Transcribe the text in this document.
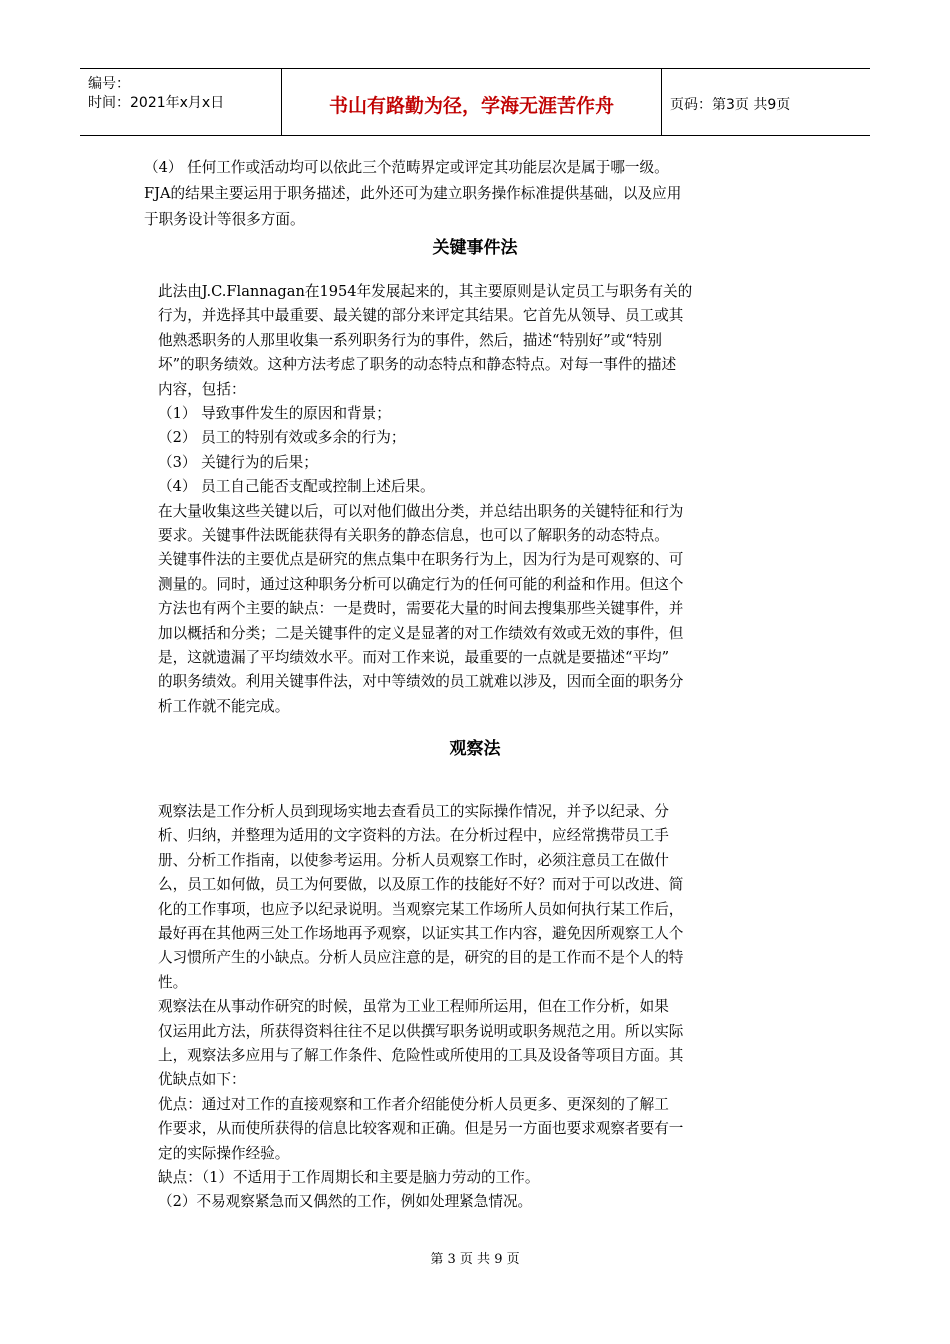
编号：
时间：2021年x月x日	书山有路勤为径，学海无涯苦作舟	页码：第3页 共9页
（4） 任何工作或活动均可以依此三个范畴界定或评定其功能层次是属于哪一级。
FJA的结果主要运用于职务描述，此外还可为建立职务操作标准提供基础，以及应用
于职务设计等很多方面。
关键事件法
此法由J.C.Flannagan在1954年发展起来的，其主要原则是认定员工与职务有关的
行为，并选择其中最重要、最关键的部分来评定其结果。它首先从领导、员工或其
他熟悉职务的人那里收集一系列职务行为的事件，然后，描述“特别好”或“特别
坏”的职务绩效。这种方法考虑了职务的动态特点和静态特点。对每一事件的描述
内容，包括：
（1） 导致事件发生的原因和背景；
（2） 员工的特别有效或多余的行为；
（3） 关键行为的后果；
（4） 员工自己能否支配或控制上述后果。
在大量收集这些关键以后，可以对他们做出分类，并总结出职务的关键特征和行为
要求。关键事件法既能获得有关职务的静态信息，也可以了解职务的动态特点。
关键事件法的主要优点是研究的焦点集中在职务行为上，因为行为是可观察的、可
测量的。同时，通过这种职务分析可以确定行为的任何可能的利益和作用。但这个
方法也有两个主要的缺点：一是费时，需要花大量的时间去搜集那些关键事件，并
加以概括和分类；二是关键事件的定义是显著的对工作绩效有效或无效的事件，但
是，这就遗漏了平均绩效水平。而对工作来说，最重要的一点就是要描述“平均”
的职务绩效。利用关键事件法，对中等绩效的员工就难以涉及，因而全面的职务分
析工作就不能完成。
观察法
观察法是工作分析人员到现场实地去查看员工的实际操作情况，并予以纪录、分
析、归纳，并整理为适用的文字资料的方法。在分析过程中，应经常携带员工手
册、分析工作指南，以使参考运用。分析人员观察工作时，必须注意员工在做什
么，员工如何做，员工为何要做，以及原工作的技能好不好？而对于可以改进、简
化的工作事项，也应予以纪录说明。当观察完某工作场所人员如何执行某工作后，
最好再在其他两三处工作场地再予观察，以证实其工作内容，避免因所观察工人个
人习惯所产生的小缺点。分析人员应注意的是，研究的目的是工作而不是个人的特
性。
观察法在从事动作研究的时候，虽常为工业工程师所运用，但在工作分析，如果
仅运用此方法，所获得资料往往不足以供撰写职务说明或职务规范之用。所以实际
上，观察法多应用与了解工作条件、危险性或所使用的工具及设备等项目方面。其
优缺点如下：
优点：通过对工作的直接观察和工作者介绍能使分析人员更多、更深刻的了解工
作要求，从而使所获得的信息比较客观和正确。但是另一方面也要求观察者要有一
定的实际操作经验。
缺点：（1）不适用于工作周期长和主要是脑力劳动的工作。
（2）不易观察紧急而又偶然的工作，例如处理紧急情况。
第 3 页 共 9 页
